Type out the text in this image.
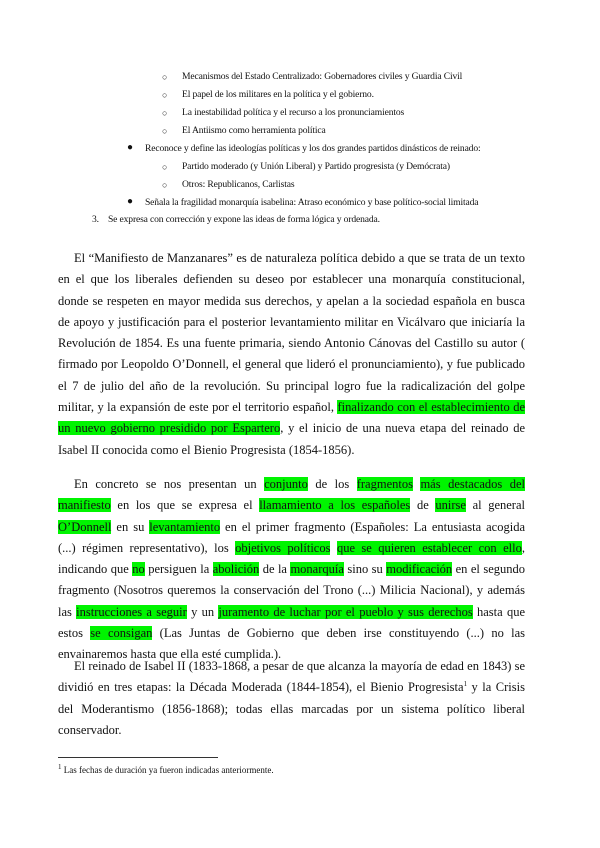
○ Mecanismos del Estado Centralizado: Gobernadores civiles y Guardia Civil
○ El papel de los militares en la política y el gobierno.
○ La inestabilidad política y el recurso a los pronunciamientos
○ El Antiismo como herramienta política
● Reconoce y define las ideologías políticas y los dos grandes partidos dinásticos de reinado:
○ Partido moderado (y Unión Liberal) y Partido progresista (y Demócrata)
○ Otros: Republicanos, Carlistas
● Señala la fragilidad monarquía isabelina: Atraso económico y base político-social limitada
3. Se expresa con corrección y expone las ideas de forma lógica y ordenada.

El “Manifiesto de Manzanares” es de naturaleza política debido a que se trata de un texto en el que los liberales defienden su deseo por establecer una monarquía constitucional, donde se respeten en mayor medida sus derechos, y apelan a la sociedad española en busca de apoyo y justificación para el posterior levantamiento militar en Vicálvaro que iniciaría la Revolución de 1854. Es una fuente primaria, siendo Antonio Cánovas del Castillo su autor ( firmado por Leopoldo O’Donnell, el general que lideró el pronunciamiento), y fue publicado el 7 de julio del año de la revolución. Su principal logro fue la radicalización del golpe militar, y la expansión de este por el territorio español, finalizando con el establecimiento de un nuevo gobierno presidido por Espartero, y el inicio de una nueva etapa del reinado de Isabel II conocida como el Bienio Progresista (1854-1856).

En concreto se nos presentan un conjunto de los fragmentos más destacados del manifiesto en los que se expresa el llamamiento a los españoles de unirse al general O’Donnell en su levantamiento en el primer fragmento (Españoles: La entusiasta acogida (...) régimen representativo), los objetivos políticos que se quieren establecer con ello, indicando que no persiguen la abolición de la monarquía sino su modificación en el segundo fragmento (Nosotros queremos la conservación del Trono (...) Milicia Nacional), y además las instrucciones a seguir y un juramento de luchar por el pueblo y sus derechos hasta que estos se consigan (Las Juntas de Gobierno que deben irse constituyendo (...) no las envainaremos hasta que ella esté cumplida.).

El reinado de Isabel II (1833-1868, a pesar de que alcanza la mayoría de edad en 1843) se dividió en tres etapas: la Década Moderada (1844-1854), el Bienio Progresista$^1$ y la Crisis del Moderantismo (1856-1868); todas ellas marcadas por un sistema político liberal conservador.

$^1$ Las fechas de duración ya fueron indicadas anteriormente.
